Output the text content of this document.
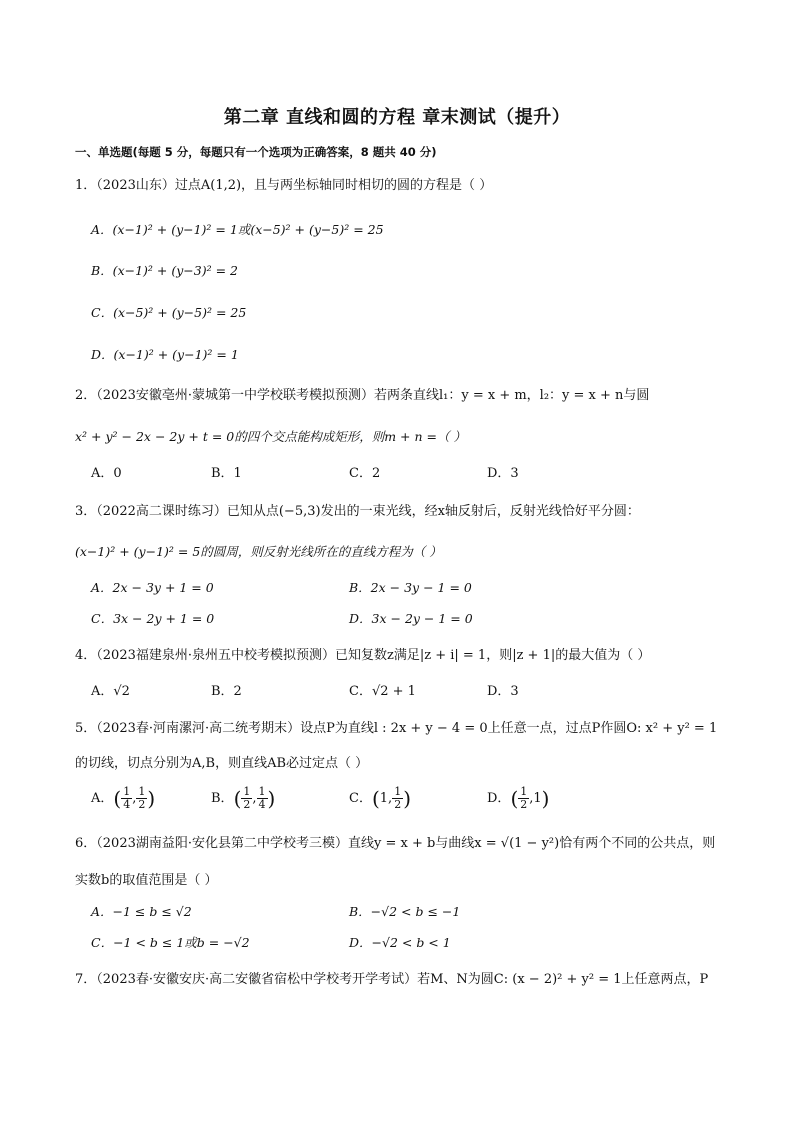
第二章 直线和圆的方程 章末测试（提升）
一、单选题(每题 5 分，每题只有一个选项为正确答案，8 题共 40 分)
1．（2023山东）过点A(1,2)，且与两坐标轴同时相切的圆的方程是（ ）
A．(x−1)² + (y−1)² = 1或(x−5)² + (y−5)² = 25
B．(x−1)² + (y−3)² = 2
C．(x−5)² + (y−5)² = 25
D．(x−1)² + (y−1)² = 1
2．（2023安徽亳州·蒙城第一中学校联考模拟预测）若两条直线l₁：y = x + m，l₂：y = x + n与圆
x² + y² − 2x − 2y + t = 0的四个交点能构成矩形，则m + n =（ ）
A．0	B．1	C．2	D．3
3．（2022高二课时练习）已知从点(−5,3)发出的一束光线，经x轴反射后，反射光线恰好平分圆：
(x−1)² + (y−1)² = 5的圆周，则反射光线所在的直线方程为（ ）
A．2x − 3y + 1 = 0	B．2x − 3y − 1 = 0
C．3x − 2y + 1 = 0	D．3x − 2y − 1 = 0
4．（2023福建泉州·泉州五中校考模拟预测）已知复数z满足|z + i| = 1，则|z + 1|的最大值为（ ）
A．√2	B．2	C．√2 + 1	D．3
5．（2023春·河南漯河·高二统考期末）设点P为直线l : 2x + y − 4 = 0上任意一点，过点P作圆O: x² + y² = 1
的切线，切点分别为A,B，则直线AB必过定点（ ）
A．( $\frac{1}{4}$ , $\frac{1}{2}$ )	B．( $\frac{1}{2}$ , $\frac{1}{4}$ )	C．(1, $\frac{1}{2}$ )	D．( $\frac{1}{2} ,1$)
6．（2023湖南益阳·安化县第二中学校考三模）直线y = x + b与曲线x = √(1 − y²)恰有两个不同的公共点，则
实数b的取值范围是（ ）
A．−1 ≤ b ≤ √2	B．−√2 < b ≤ −1
C．−1 < b ≤ 1或b = −√2	D．−√2 < b < 1
7．（2023春·安徽安庆·高二安徽省宿松中学校考开学考试）若M、N为圆C: (x − 2)² + y² = 1上任意两点，P
